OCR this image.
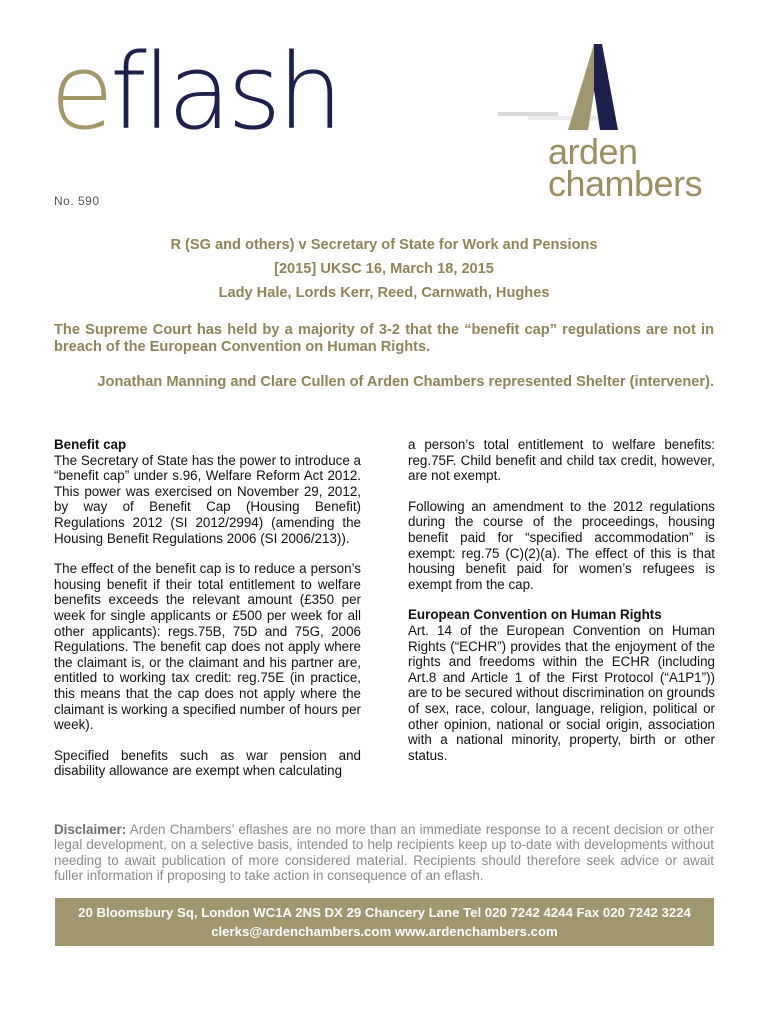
eflash
No. 590
arden
chambers
R (SG and others) v Secretary of State for Work and Pensions
[2015] UKSC 16, March 18, 2015
Lady Hale, Lords Kerr, Reed, Carnwath, Hughes
The Supreme Court has held by a majority of 3-2 that the “benefit cap” regulations are not in breach of the European Convention on Human Rights.
Jonathan Manning and Clare Cullen of Arden Chambers represented Shelter (intervener).
Benefit cap

The Secretary of State has the power to introduce a “benefit cap” under s.96, Welfare Reform Act 2012. This power was exercised on November 29, 2012, by way of Benefit Cap (Housing Benefit) Regulations 2012 (SI 2012/2994) (amending the Housing Benefit Regulations 2006 (SI 2006/213)).

The effect of the benefit cap is to reduce a person’s housing benefit if their total entitlement to welfare benefits exceeds the relevant amount (£350 per week for single applicants or £500 per week for all other applicants): regs.75B, 75D and 75G, 2006 Regulations. The benefit cap does not apply where the claimant is, or the claimant and his partner are, entitled to working tax credit: reg.75E (in practice, this means that the cap does not apply where the claimant is working a specified number of hours per week).

Specified benefits such as war pension and disability allowance are exempt when calculating

a person’s total entitlement to welfare benefits: reg.75F. Child benefit and child tax credit, however, are not exempt.

Following an amendment to the 2012 regulations during the course of the proceedings, housing benefit paid for “specified accommodation” is exempt: reg.75 (C)(2)(a). The effect of this is that housing benefit paid for women’s refugees is exempt from the cap.

European Convention on Human Rights

Art. 14 of the European Convention on Human Rights (“ECHR”) provides that the enjoyment of the rights and freedoms within the ECHR (including Art.8 and Article 1 of the First Protocol (“A1P1”)) are to be secured without discrimination on grounds of sex, race, colour, language, religion, political or other opinion, national or social origin, association with a national minority, property, birth or other status.

Disclaimer: Arden Chambers’ eflashes are no more than an immediate response to a recent decision or other legal development, on a selective basis, intended to help recipients keep up to-date with developments without needing to await publication of more considered material. Recipients should therefore seek advice or await fuller information if proposing to take action in consequence of an eflash.
20 Bloomsbury Sq, London WC1A 2NS DX 29 Chancery Lane Tel 020 7242 4244 Fax 020 7242 3224
clerks@ardenchambers.com www.ardenchambers.com
